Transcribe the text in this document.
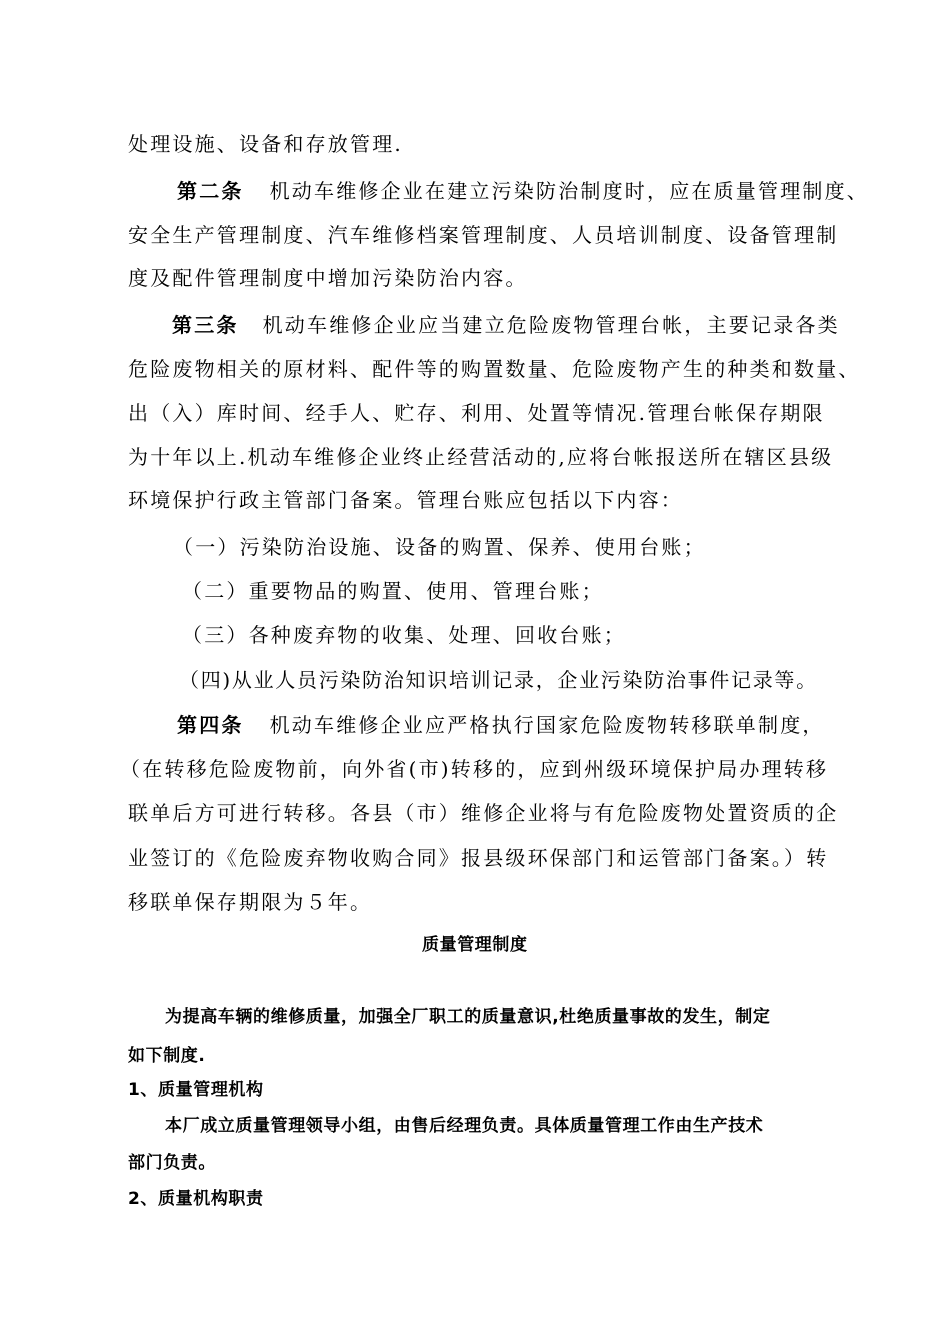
处理设施、设备和存放管理.
第二条 机动车维修企业在建立污染防治制度时，应在质量管理制度、
安全生产管理制度、汽车维修档案管理制度、人员培训制度、设备管理制
度及配件管理制度中增加污染防治内容。
第三条 机动车维修企业应当建立危险废物管理台帐，主要记录各类
危险废物相关的原材料、配件等的购置数量、危险废物产生的种类和数量、
出（入）库时间、经手人、贮存、利用、处置等情况.管理台帐保存期限
为十年以上.机动车维修企业终止经营活动的,应将台帐报送所在辖区县级
环境保护行政主管部门备案。管理台账应包括以下内容：
（一）污染防治设施、设备的购置、保养、使用台账；
（二）重要物品的购置、使用、管理台账；
（三）各种废弃物的收集、处理、回收台账；
（四)从业人员污染防治知识培训记录，企业污染防治事件记录等。
第四条 机动车维修企业应严格执行国家危险废物转移联单制度，
（在转移危险废物前，向外省(市)转移的，应到州级环境保护局办理转移
联单后方可进行转移。各县（市）维修企业将与有危险废物处置资质的企
业签订的《危险废弃物收购合同》报县级环保部门和运管部门备案。）转
移联单保存期限为５年。
质量管理制度
为提高车辆的维修质量，加强全厂职工的质量意识,杜绝质量事故的发生，制定
如下制度.
1、质量管理机构
本厂成立质量管理领导小组，由售后经理负责。具体质量管理工作由生产技术
部门负责。
2、质量机构职责
